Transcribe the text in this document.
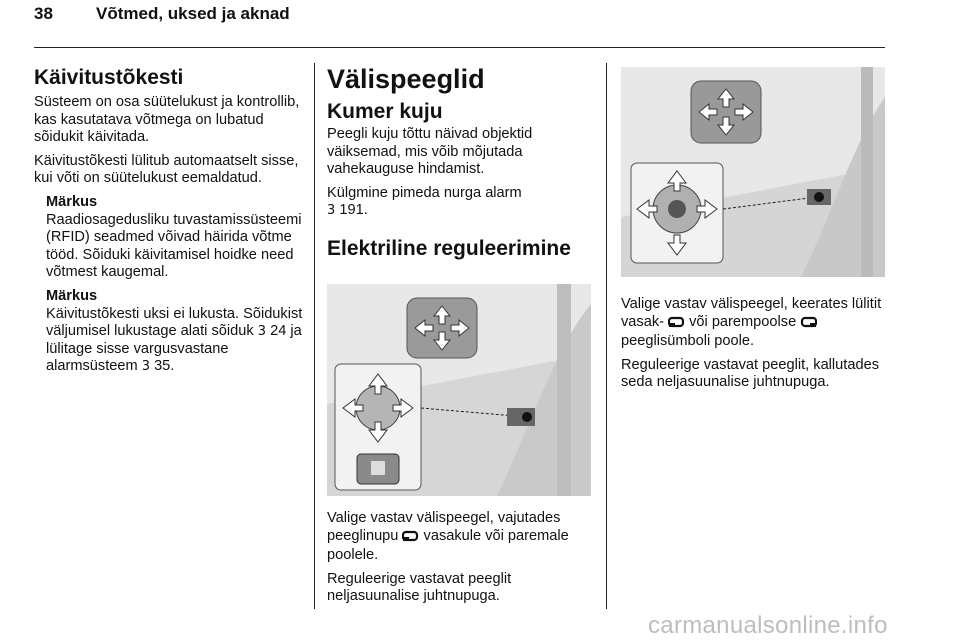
38	Võtmed, uksed ja aknad
Käivitustõkesti

Süsteem on osa süütelukust ja kontrollib, kas kasutatava võtmega on lubatud sõidukit käivitada.

Käivitustõkesti lülitub automaatselt sisse, kui võti on süütelukust eemaldatud.

Märkus

Raadiosagedusliku tuvastamissüsteemi (RFID) seadmed võivad häirida võtme tööd. Sõiduki käivitamisel hoidke need võtmest kaugemal.

Märkus

Käivitustõkesti uksi ei lukusta. Sõidukist väljumisel lukustage alati sõiduk 3 24 ja lülitage sisse vargusvastane alarmsüsteem 3 35.

Välispeeglid
Kumer kuju

Peegli kuju tõttu näivad objektid väiksemad, mis võib mõjutada vahekauguse hindamist.

Külgmine pimeda nurga alarm
3 191.

Elektriline reguleerimine

Valige vastav välispeegel, vajutades peeglinupu vasakule või paremale poolele.

Reguleerige vastavat peeglit neljasuunalise juhtnupuga.

Valige vastav välispeegel, keerates lülitit vasak- või parempoolse
peeglisümboli poole.

Reguleerige vastavat peeglit, kallutades seda neljasuunalise juhtnupuga.

carmanualsonline.info
